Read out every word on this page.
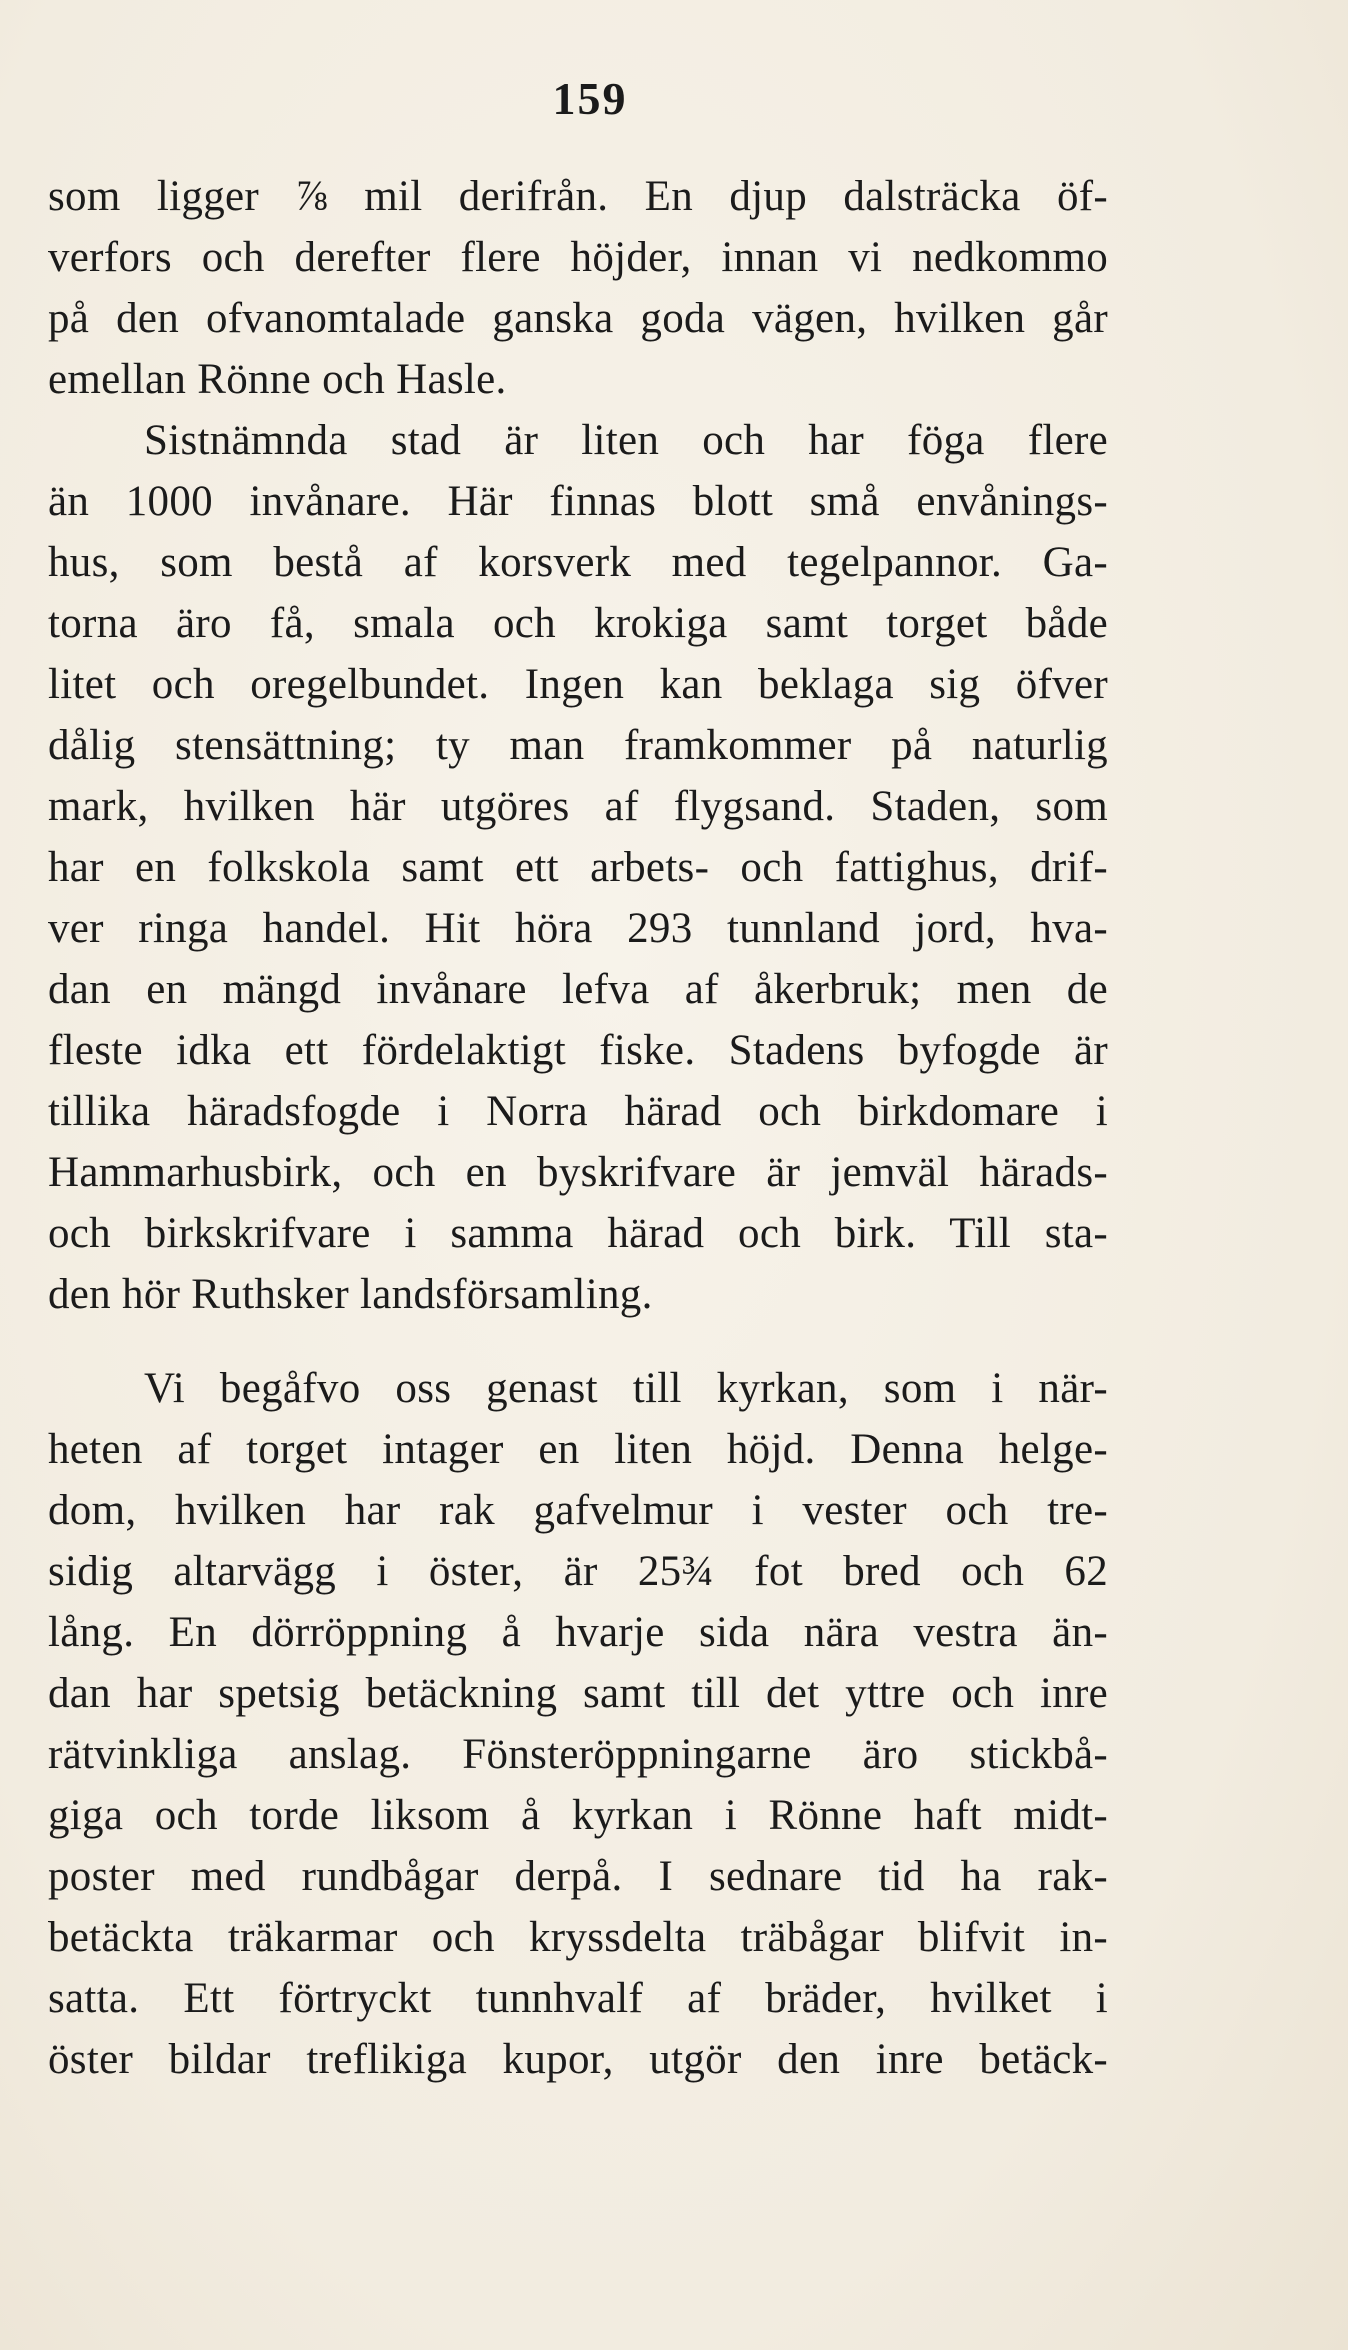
159
som ligger ⅞ mil derifrån. En djup dalsträcka öf-
verfors och derefter flere höjder, innan vi nedkommo
på den ofvanomtalade ganska goda vägen, hvilken går
emellan Rönne och Hasle.
Sistnämnda stad är liten och har föga flere
än 1000 invånare. Här finnas blott små envånings-
hus, som bestå af korsverk med tegelpannor. Ga-
torna äro få, smala och krokiga samt torget både
litet och oregelbundet. Ingen kan beklaga sig öfver
dålig stensättning; ty man framkommer på naturlig
mark, hvilken här utgöres af flygsand. Staden, som
har en folkskola samt ett arbets- och fattighus, drif-
ver ringa handel. Hit höra 293 tunnland jord, hva-
dan en mängd invånare lefva af åkerbruk; men de
fleste idka ett fördelaktigt fiske. Stadens byfogde är
tillika häradsfogde i Norra härad och birkdomare i
Hammarhusbirk, och en byskrifvare är jemväl härads-
och birkskrifvare i samma härad och birk. Till sta-
den hör Ruthsker landsförsamling.
Vi begåfvo oss genast till kyrkan, som i när-
heten af torget intager en liten höjd. Denna helge-
dom, hvilken har rak gafvelmur i vester och tre-
sidig altarvägg i öster, är 25¾ fot bred och 62
lång. En dörröppning å hvarje sida nära vestra än-
dan har spetsig betäckning samt till det yttre och inre
rätvinkliga anslag. Fönsteröppningarne äro stickbå-
giga och torde liksom å kyrkan i Rönne haft midt-
poster med rundbågar derpå. I sednare tid ha rak-
betäckta träkarmar och kryssdelta träbågar blifvit in-
satta. Ett förtryckt tunnhvalf af bräder, hvilket i
öster bildar treflikiga kupor, utgör den inre betäck-
